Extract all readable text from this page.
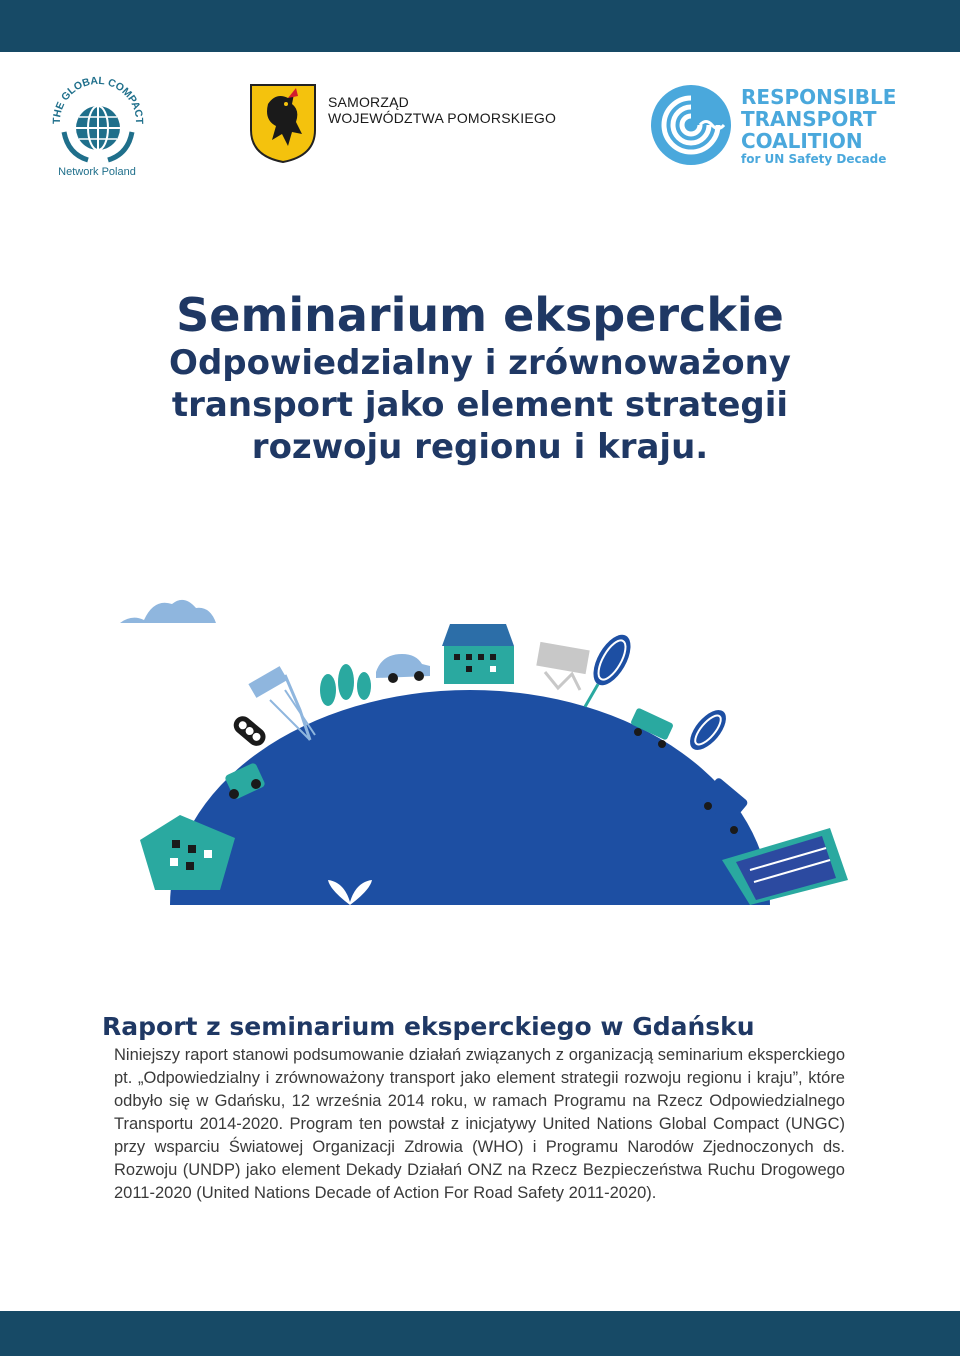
THE GLOBAL COMPACT
Network Poland
SAMORZĄD
WOJEWÓDZTWA POMORSKIEGO
RESPONSIBLE
TRANSPORT
COALITION
for UN Safety Decade
Seminarium eksperckie
Odpowiedzialny i zrównoważony
transport jako element strategii
rozwoju regionu i kraju.
Raport z seminarium eksperckiego w Gdańsku

Niniejszy raport stanowi podsumowanie działań związanych z organizacją seminarium eksperckiego pt. „Odpowiedzialny i zrównoważony transport jako element strategii rozwoju regionu i kraju”, które odbyło się w Gdańsku, 12 września 2014 roku, w ramach Programu na Rzecz Odpowiedzialnego Transportu 2014-2020. Program ten powstał z inicjatywy United Nations Global Compact (UNGC) przy wsparciu Światowej Organizacji Zdrowia (WHO) i Programu Narodów Zjednoczonych ds. Rozwoju (UNDP) jako element Dekady Działań ONZ na Rzecz Bezpieczeństwa Ruchu Drogowego 2011-2020 (United Nations Decade of Action For Road Safety 2011-2020).
